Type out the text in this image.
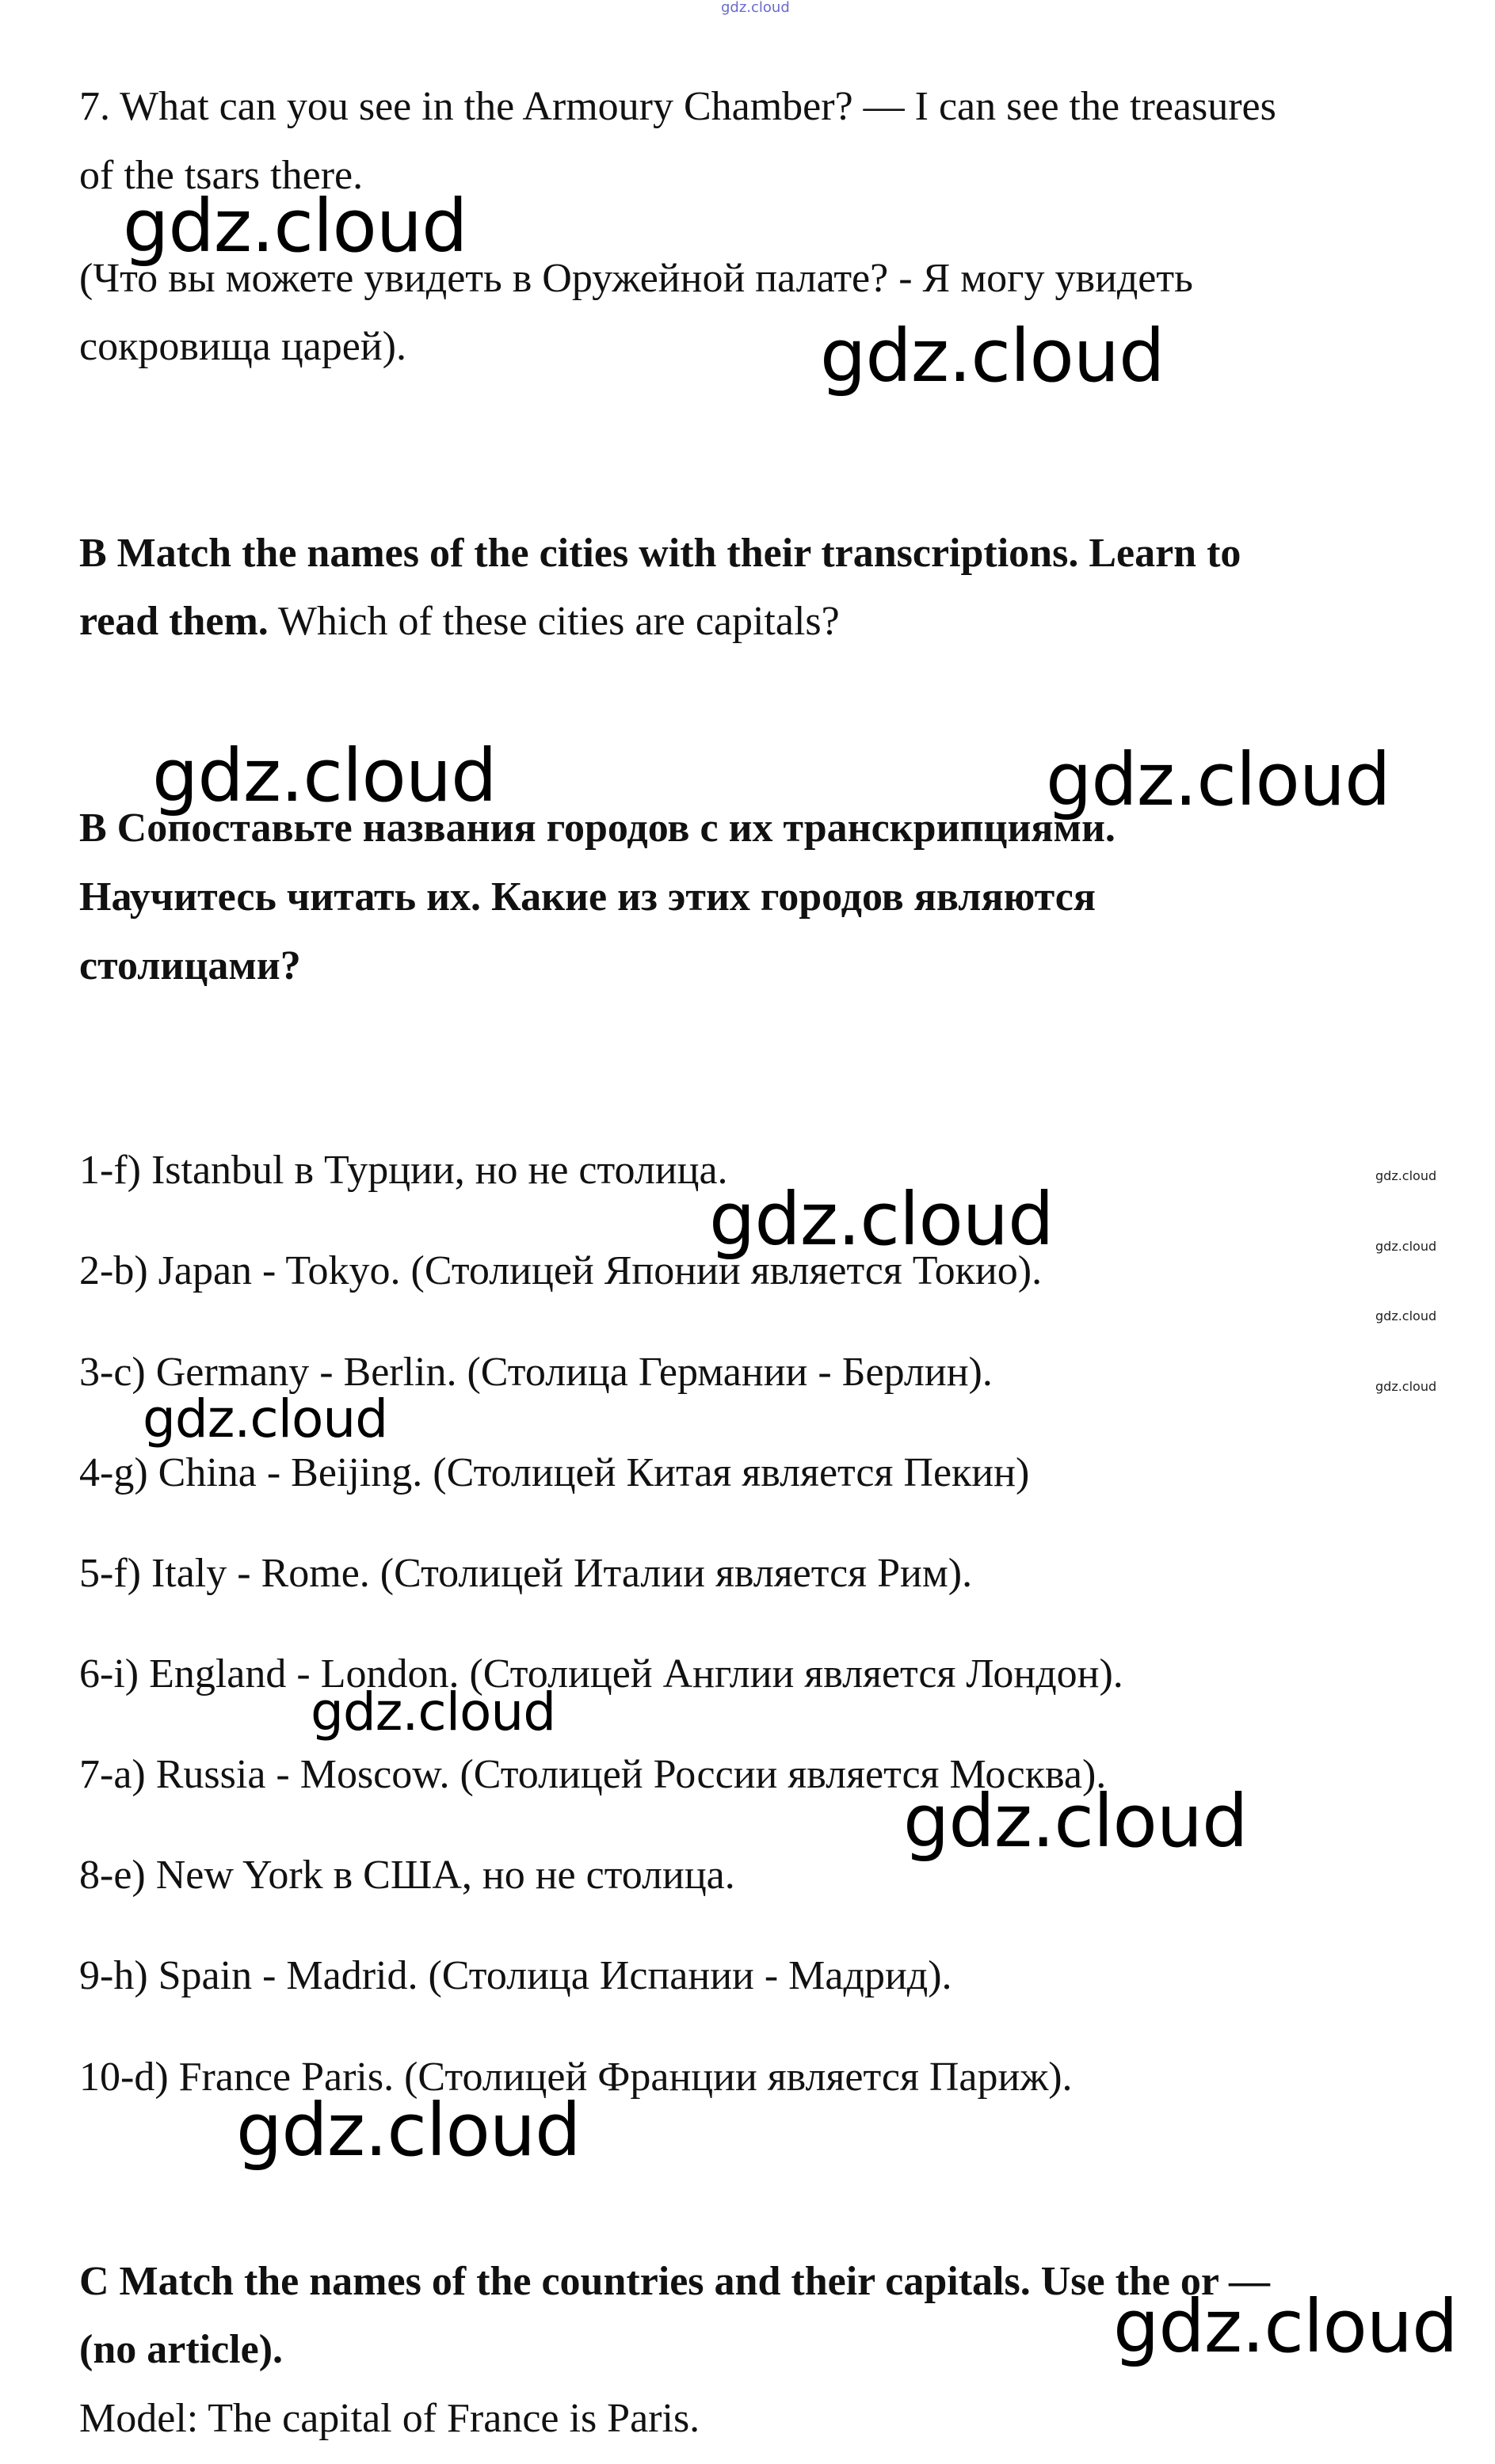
gdz.cloud
7. What can you see in the Armoury Chamber? — I can see the treasures
of the tsars there.
(Что вы можете увидеть в Оружейной палате? - Я могу увидеть
сокровища царей).
B Match the names of the cities with their transcriptions. Learn to
read them. Which of these cities are capitals?
В Сопоставьте названия городов с их транскрипциями.
Научитесь читать их. Какие из этих городов являются
столицами?
1-f) Istanbul в Турции, но не столица.
2-b) Japan - Tokyo. (Столицей Японии является Токио).
3-c) Germany - Berlin. (Столица Германии - Берлин).
4-g) China - Beijing. (Столицей Китая является Пекин)
5-f) Italy - Rome. (Столицей Италии является Рим).
6-i) England - London. (Столицей Англии является Лондон).
7-a) Russia - Moscow. (Столицей России является Москва).
8-e) New York в США, но не столица.
9-h) Spain - Madrid. (Столица Испании - Мадрид).
10-d) France Paris. (Столицей Франции является Париж).
C Match the names of the countries and their capitals. Use the or —
(no article).
Model: The capital of France is Paris.
gdz.cloud
gdz.cloud
gdz.cloud
gdz.cloud
gdz.cloud
gdz.cloud
gdz.cloud	gdz.cloud
gdz.cloud
gdz.cloud
gdz.cloud
gdz.cloud
gdz.cloud
gdz.cloud
